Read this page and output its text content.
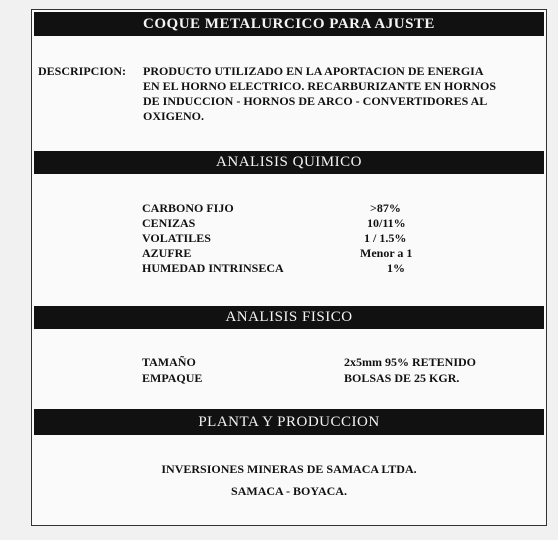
COQUE METALURCICO PARA AJUSTE
DESCRIPCION: PRODUCTO UTILIZADO EN LA APORTACION DE ENERGIA
EN EL HORNO ELECTRICO. RECARBURIZANTE EN HORNOS
DE INDUCCION - HORNOS DE ARCO - CONVERTIDORES AL
OXIGENO.
ANALISIS QUIMICO
CARBONO FIJO	>87%
CENIZAS	10/11%
VOLATILES	1 / 1.5%
AZUFRE	Menor a 1
HUMEDAD INTRINSECA	1%
ANALISIS FISICO
TAMAÑO	2x5mm 95% RETENIDO
EMPAQUE	BOLSAS DE 25 KGR.
PLANTA Y PRODUCCION
INVERSIONES MINERAS DE SAMACA LTDA.
SAMACA - BOYACA.
